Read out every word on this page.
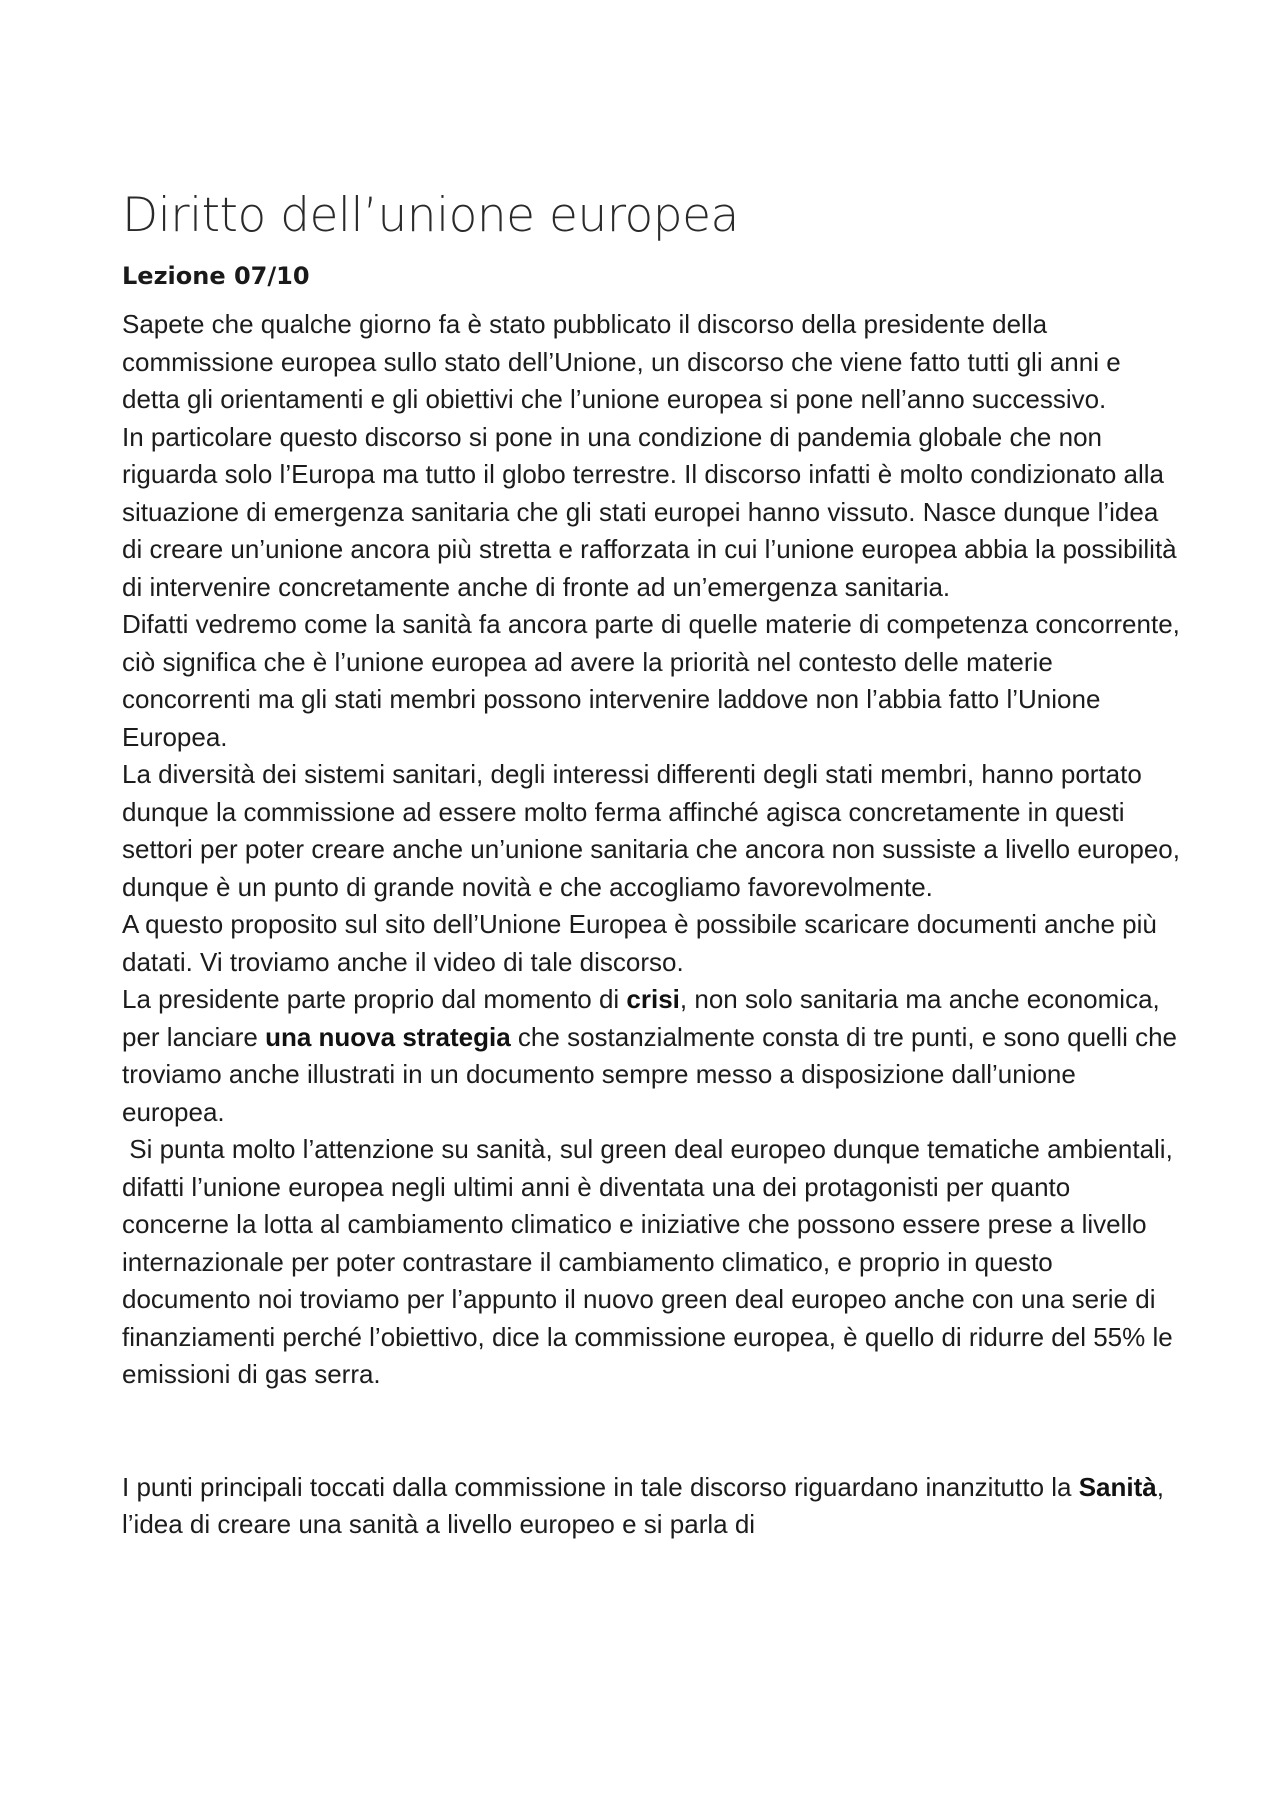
Diritto dell’unione europea
Lezione 07/10

Sapete che qualche giorno fa è stato pubblicato il discorso della presidente della commissione europea sullo stato dell’Unione, un discorso che viene fatto tutti gli anni e detta gli orientamenti e gli obiettivi che l’unione europea si pone nell’anno successivo.

In particolare questo discorso si pone in una condizione di pandemia globale che non riguarda solo l’Europa ma tutto il globo terrestre. Il discorso infatti è molto condizionato alla situazione di emergenza sanitaria che gli stati europei hanno vissuto. Nasce dunque l’idea di creare un’unione ancora più stretta e rafforzata in cui l’unione europea abbia la possibilità di intervenire concretamente anche di fronte ad un’emergenza sanitaria.

Difatti vedremo come la sanità fa ancora parte di quelle materie di competenza concorrente, ciò significa che è l’unione europea ad avere la priorità nel contesto delle materie concorrenti ma gli stati membri possono intervenire laddove non l’abbia fatto l’Unione Europea.

La diversità dei sistemi sanitari, degli interessi differenti degli stati membri, hanno portato dunque la commissione ad essere molto ferma affinché agisca concretamente in questi settori per poter creare anche un’unione sanitaria che ancora non sussiste a livello europeo, dunque è un punto di grande novità e che accogliamo favorevolmente.

A questo proposito sul sito dell’Unione Europea è possibile scaricare documenti anche più datati. Vi troviamo anche il video di tale discorso.

La presidente parte proprio dal momento di crisi, non solo sanitaria ma anche economica, per lanciare una nuova strategia che sostanzialmente consta di tre punti, e sono quelli che troviamo anche illustrati in un documento sempre messo a disposizione dall’unione europea.

Si punta molto l’attenzione su sanità, sul green deal europeo dunque tematiche ambientali, difatti l’unione europea negli ultimi anni è diventata una dei protagonisti per quanto concerne la lotta al cambiamento climatico e iniziative che possono essere prese a livello internazionale per poter contrastare il cambiamento climatico, e proprio in questo documento noi troviamo per l’appunto il nuovo green deal europeo anche con una serie di finanziamenti perché l’obiettivo, dice la commissione europea, è quello di ridurre del 55% le emissioni di gas serra.

I punti principali toccati dalla commissione in tale discorso riguardano inanzitutto la Sanità, l’idea di creare una sanità a livello europeo e si parla di
